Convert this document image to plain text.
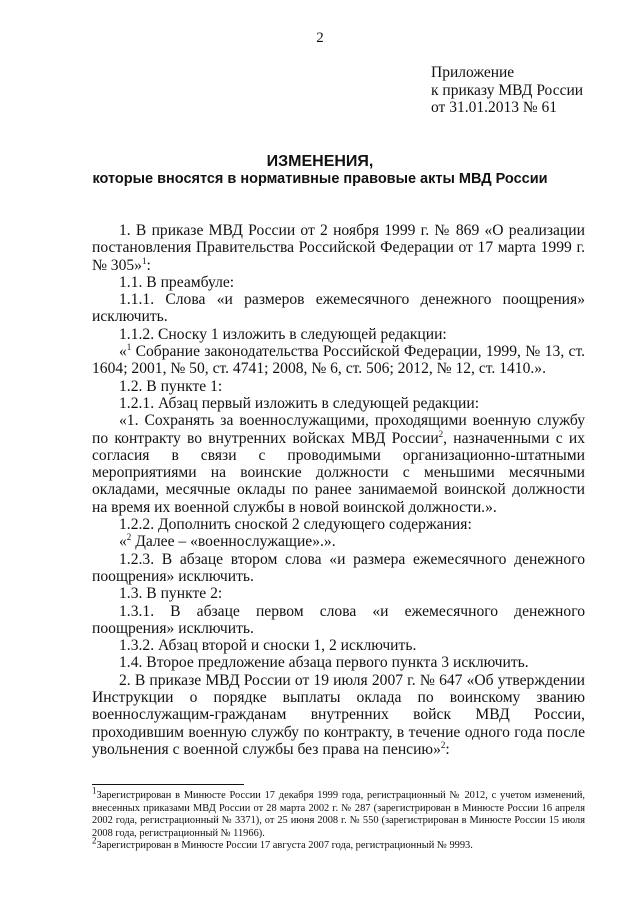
2
Приложение
к приказу МВД России
от 31.01.2013 № 61
ИЗМЕНЕНИЯ,
которые вносятся в нормативные правовые акты МВД России

1. В приказе МВД России от 2 ноября 1999 г. № 869 «О реализации постановления Правительства Российской Федерации от 17 марта 1999 г. № 305»$^1$:

1.1. В преамбуле:

1.1.1. Слова «и размеров ежемесячного денежного поощрения» исключить.

1.1.2. Сноску 1 изложить в следующей редакции:

«$^1$ Собрание законодательства Российской Федерации, 1999, № 13, ст. 1604; 2001, № 50, ст. 4741; 2008, № 6, ст. 506; 2012, № 12, ст. 1410.».

1.2. В пункте 1:

1.2.1. Абзац первый изложить в следующей редакции:

«1. Сохранять за военнослужащими, проходящими военную службу по контракту во внутренних войсках МВД России$^2$, назначенными с их согласия в связи с проводимыми организационно-штатными мероприятиями на воинские должности с меньшими месячными окладами, месячные оклады по ранее занимаемой воинской должности на время их военной службы в новой воинской должности.».

1.2.2. Дополнить сноской 2 следующего содержания:

«$^2$ Далее – «военнослужащие».».

1.2.3. В абзаце втором слова «и размера ежемесячного денежного поощрения» исключить.

1.3. В пункте 2:

1.3.1. В абзаце первом слова «и ежемесячного денежного поощрения» исключить.

1.3.2. Абзац второй и сноски 1, 2 исключить.

1.4. Второе предложение абзаца первого пункта 3 исключить.

2. В приказе МВД России от 19 июля 2007 г. № 647 «Об утверждении Инструкции о порядке выплаты оклада по воинскому званию военнослужащим-гражданам внутренних войск МВД России, проходившим военную службу по контракту, в течение одного года после увольнения с военной службы без права на пенсию»$^2$:

$^1$Зарегистрирован в Минюсте России 17 декабря 1999 года, регистрационный № 2012, с учетом изменений, внесенных приказами МВД России от 28 марта 2002 г. № 287 (зарегистрирован в Минюсте России 16 апреля 2002 года, регистрационный № 3371), от 25 июня 2008 г. № 550 (зарегистрирован в Минюсте России 15 июля 2008 года, регистрационный № 11966).

$^2$Зарегистрирован в Минюсте России 17 августа 2007 года, регистрационный № 9993.
